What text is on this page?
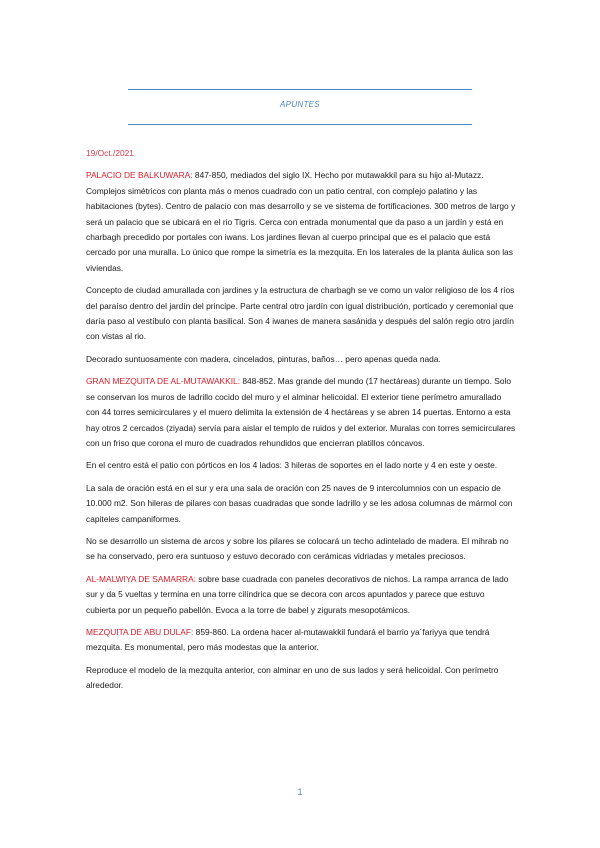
APUNTES
19/Oct./2021

PALACIO DE BALKUWARA: 847-850, mediados del siglo IX. Hecho por mutawakkil para su hijo al-Mutazz. Complejos simétricos con planta más o menos cuadrado con un patio central, con complejo palatino y las habitaciones (bytes). Centro de palacio con mas desarrollo y se ve sistema de fortificaciones. 300 metros de largo y será un palacio que se ubicará en el rio Tigris. Cerca con entrada monumental que da paso a un jardín y está en charbagh precedido por portales con iwans. Los jardines llevan al cuerpo principal que es el palacio que está cercado por una muralla. Lo único que rompe la simetría es la mezquita. En los laterales de la planta áulica son las viviendas.

Concepto de ciudad amurallada con jardines y la estructura de charbagh se ve como un valor religioso de los 4 ríos del paraíso dentro del jardín del principe. Parte central otro jardín con igual distribución, porticado y ceremonial que daría paso al vestíbulo con planta basilical. Son 4 iwanes de manera sasánida y después del salón regio otro jardín con vistas al rio.

Decorado suntuosamente con madera, cincelados, pinturas, baños… pero apenas queda nada.

GRAN MEZQUITA DE AL-MUTAWAKKIL: 848-852. Mas grande del mundo (17 hectáreas) durante un tiempo. Solo se conservan los muros de ladrillo cocido del muro y el alminar helicoidal. El exterior tiene perímetro amurallado con 44 torres semicirculares y el muero delimita la extensión de 4 hectáreas y se abren 14 puertas. Entorno a esta hay otros 2 cercados (ziyada) servía para aislar el templo de ruidos y del exterior. Muralas con torres semicirculares con un friso que corona el muro de cuadrados rehundidos que encierran platillos cóncavos.

En el centro está el patio con pórticos en los 4 lados: 3 hileras de soportes en el lado norte y 4 en este y oeste.

La sala de oración está en el sur y era una sala de oración con 25 naves de 9 intercolumnios con un espacio de 10.000 m2. Son hileras de pilares con basas cuadradas que sonde ladrillo y se les adosa columnas de mármol con capiteles campaniformes.

No se desarrollo un sistema de arcos y sobre los pilares se colocará un techo adintelado de madera. El mihrab no se ha conservado, pero era suntuoso y estuvo decorado con cerámicas vidriadas y metales preciosos.

AL-MALWIYA DE SAMARRA: sobre base cuadrada con paneles decorativos de nichos. La rampa arranca de lado sur y da 5 vueltas y termina en una torre cilíndrica que se decora con arcos apuntados y parece que estuvo cubierta por un pequeño pabellón. Evoca a la torre de babel y zigurats mesopotámicos.

MEZQUITA DE ABU DULAF: 859-860. La ordena hacer al-mutawakkil fundará el barrio ya´fariyya que tendrá mezquita. Es monumental, pero más modestas que la anterior.

Reproduce el modelo de la mezquita anterior, con alminar en uno de sus lados y será helicoidal. Con perímetro alrededor.

1
